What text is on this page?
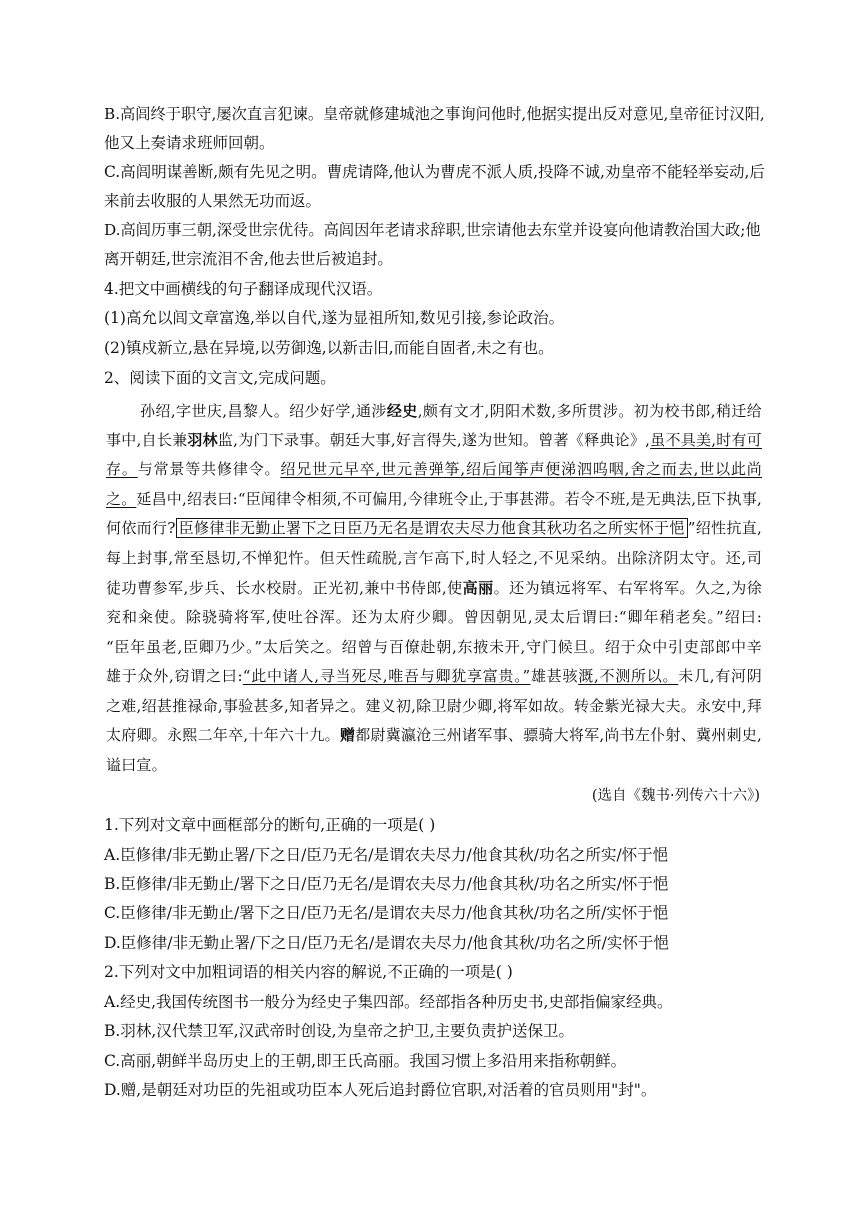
B.高闾终于职守,屡次直言犯谏。皇帝就修建城池之事询问他时,他据实提出反对意见,皇帝征讨汉阳,
他又上奏请求班师回朝。
C.高闾明谋善断,颇有先见之明。曹虎请降,他认为曹虎不派人质,投降不诚,劝皇帝不能轻举妄动,后
来前去收服的人果然无功而返。
D.高闾历事三朝,深受世宗优待。高闾因年老请求辞职,世宗请他去东堂并设宴向他请教治国大政;他
离开朝廷,世宗流泪不舍,他去世后被追封。
4.把文中画横线的句子翻译成现代汉语。
(1)高允以闾文章富逸,举以自代,遂为显祖所知,数见引接,参论政治。
(2)镇戍新立,悬在异境,以劳御逸,以新击旧,而能自固者,未之有也。
2、阅读下面的文言文,完成问题。
孙绍,字世庆,昌黎人。绍少好学,通涉经史,颇有文才,阴阳术数,多所贯涉。初为校书郎,稍迁给
事中,自长兼羽林监,为门下录事。朝廷大事,好言得失,遂为世知。曾著《释典论》,虽不具美,时有可
存。与常景等共修律令。绍兄世元早卒,世元善弹筝,绍后闻筝声便涕泗呜咽,舍之而去,世以此尚
之。延昌中,绍表曰:“臣闻律令相须,不可偏用,今律班令止,于事甚滞。若令不班,是无典法,臣下执事,
何依而行? 臣修律非无勤止署下之日臣乃无名是谓农夫尽力他食其秋功名之所实怀于悒 ”绍性抗直,
每上封事,常至恳切,不惮犯忤。但天性疏脱,言乍高下,时人轻之,不见采纳。出除济阴太守。还,司
徒功曹参军,步兵、长水校尉。正光初,兼中书侍郎,使高丽。还为镇远将军、右军将军。久之,为徐
兖和籴使。除骁骑将军,使吐谷浑。还为太府少卿。曾因朝见,灵太后谓曰:“卿年稍老矣。”绍曰:
“臣年虽老,臣卿乃少。”太后笑之。绍曾与百僚赴朝,东掖未开,守门候旦。绍于众中引吏部郎中辛
雄于众外,窃谓之曰:“此中诸人,寻当死尽,唯吾与卿犹享富贵。”雄甚骇溉,不测所以。未几,有河阴
之难,绍甚推禄命,事验甚多,知者异之。建义初,除卫尉少卿,将军如故。转金紫光禄大夫。永安中,拜
太府卿。永熙二年卒,十年六十九。赠都尉冀瀛沧三州诸军事、骠骑大将军,尚书左仆射、冀州刺史,
谥曰宣。
(选自《魏书·列传六十六》)
1.下列对文章中画框部分的断句,正确的一项是( )
A.臣修律/非无勤止署/下之日/臣乃无名/是谓农夫尽力/他食其秋/功名之所实/怀于悒
B.臣修律/非无勤止/署下之日/臣乃无名/是谓农夫尽力/他食其秋/功名之所实/怀于悒
C.臣修律/非无勤止/署下之日/臣乃无名/是谓农夫尽力/他食其秋/功名之所/实怀于悒
D.臣修律/非无勤止署/下之日/臣乃无名/是谓农夫尽力/他食其秋/功名之所/实怀于悒
2.下列对文中加粗词语的相关内容的解说,不正确的一项是( )
A.经史,我国传统图书一般分为经史子集四部。经部指各种历史书,史部指偏家经典。
B.羽林,汉代禁卫军,汉武帝时创设,为皇帝之护卫,主要负责护送保卫。
C.高丽,朝鲜半岛历史上的王朝,即王氏高丽。我国习惯上多沿用来指称朝鲜。
D.赠,是朝廷对功臣的先祖或功臣本人死后追封爵位官职,对活着的官员则用"封"。
